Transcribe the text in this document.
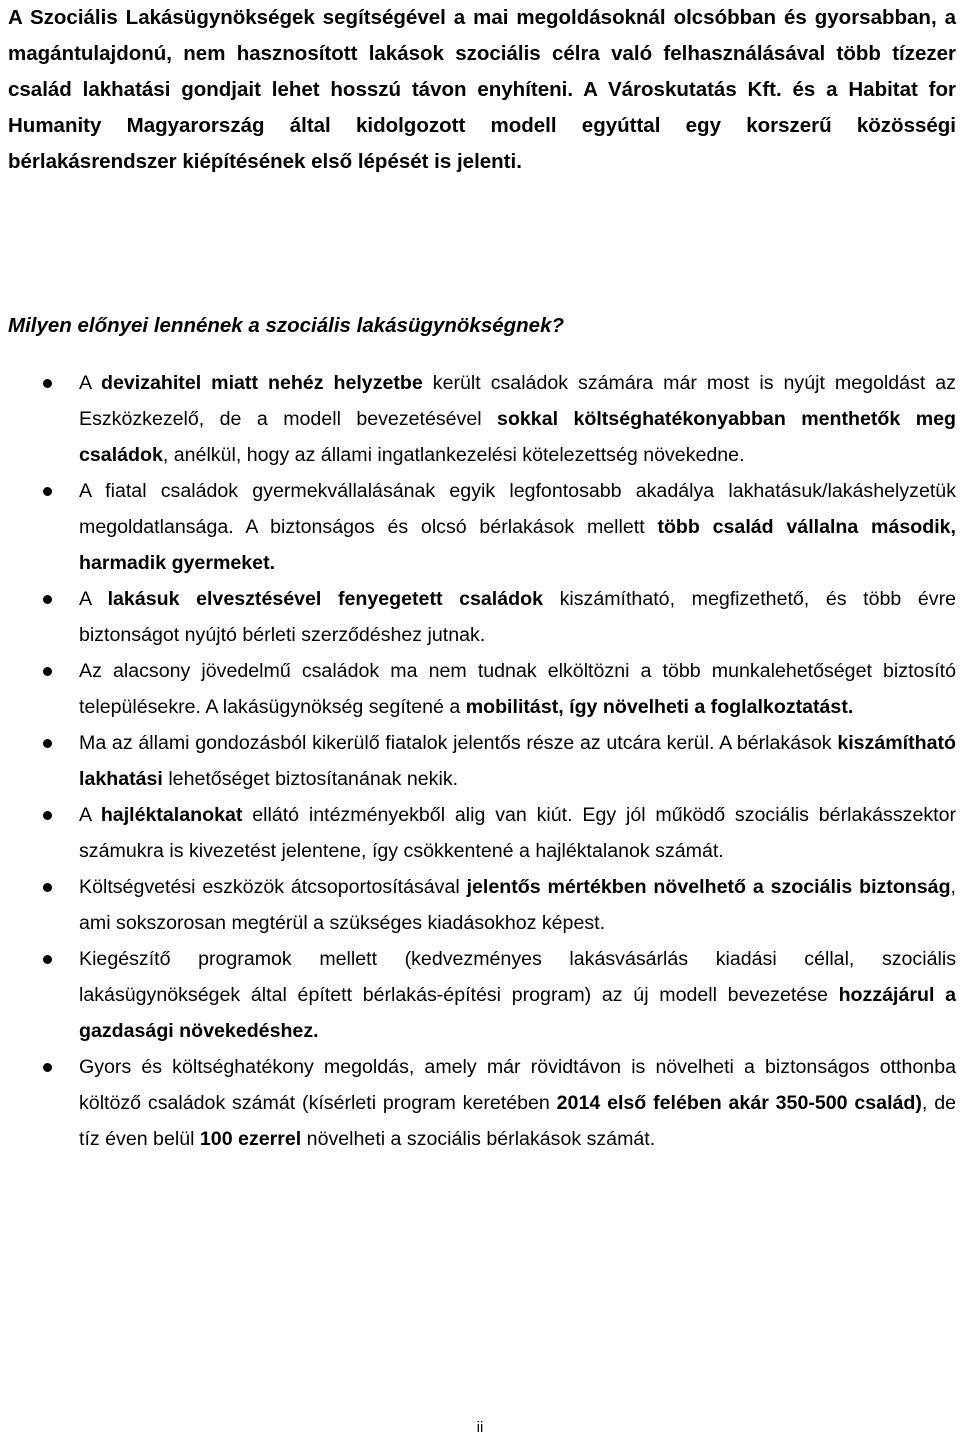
A Szociális Lakásügynökségek segítségével a mai megoldásoknál olcsóbban és gyorsabban, a magántulajdonú, nem hasznosított lakások szociális célra való felhasználásával több tízezer család lakhatási gondjait lehet hosszú távon enyhíteni. A Városkutatás Kft. és a Habitat for Humanity Magyarország által kidolgozott modell egyúttal egy korszerű közösségi bérlakásrendszer kiépítésének első lépését is jelenti.

Milyen előnyei lennének a szociális lakásügynökségnek?

A devizahitel miatt nehéz helyzetbe került családok számára már most is nyújt megoldást az Eszközkezelő, de a modell bevezetésével sokkal költséghatékonyabban menthetők meg családok, anélkül, hogy az állami ingatlankezelési kötelezettség növekedne.
A fiatal családok gyermekvállalásának egyik legfontosabb akadálya lakhatásuk/lakáshelyzetük megoldatlansága. A biztonságos és olcsó bérlakások mellett több család vállalna második, harmadik gyermeket.
A lakásuk elvesztésével fenyegetett családok kiszámítható, megfizethető, és több évre biztonságot nyújtó bérleti szerződéshez jutnak.
Az alacsony jövedelmű családok ma nem tudnak elköltözni a több munkalehetőséget biztosító településekre. A lakásügynökség segítené a mobilitást, így növelheti a foglalkoztatást.
Ma az állami gondozásból kikerülő fiatalok jelentős része az utcára kerül. A bérlakások kiszámítható lakhatási lehetőséget biztosítanának nekik.
A hajléktalanokat ellátó intézményekből alig van kiút. Egy jól működő szociális bérlakásszektor számukra is kivezetést jelentene, így csökkentené a hajléktalanok számát.
Költségvetési eszközök átcsoportosításával jelentős mértékben növelhető a szociális biztonság, ami sokszorosan megtérül a szükséges kiadásokhoz képest.
Kiegészítő programok mellett (kedvezményes lakásvásárlás kiadási céllal, szociális lakásügynökségek által épített bérlakás-építési program) az új modell bevezetése hozzájárul a gazdasági növekedéshez.
Gyors és költséghatékony megoldás, amely már rövidtávon is növelheti a biztonságos otthonba költöző családok számát (kísérleti program keretében 2014 első felében akár 350-500 család), de tíz éven belül 100 ezerrel növelheti a szociális bérlakások számát.
ii
